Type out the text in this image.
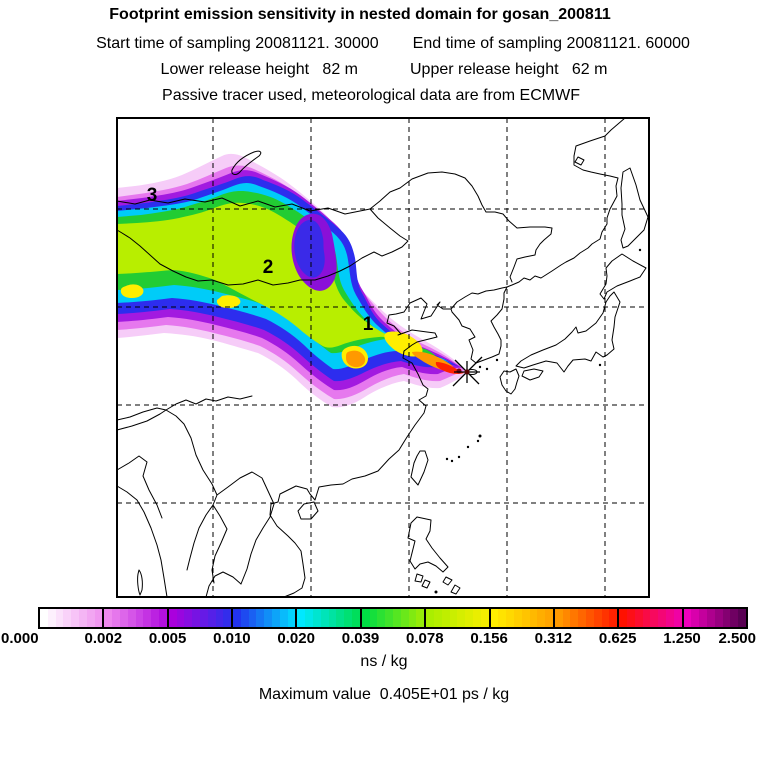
Footprint emission sensitivity in nested domain for gosan_200811
Start time of sampling 20081121. 30000 End time of sampling 20081121. 60000
Lower release height   82 m	Upper release height   62 m
Passive tracer used, meteorological data are from ECMWF
1
2
3
0.000	0.002 0.005 0.010 0.020 0.039 0.078 0.156 0.312 0.625 1.250 2.500
ns / kg
Maximum value  0.405E+01 ps / kg
